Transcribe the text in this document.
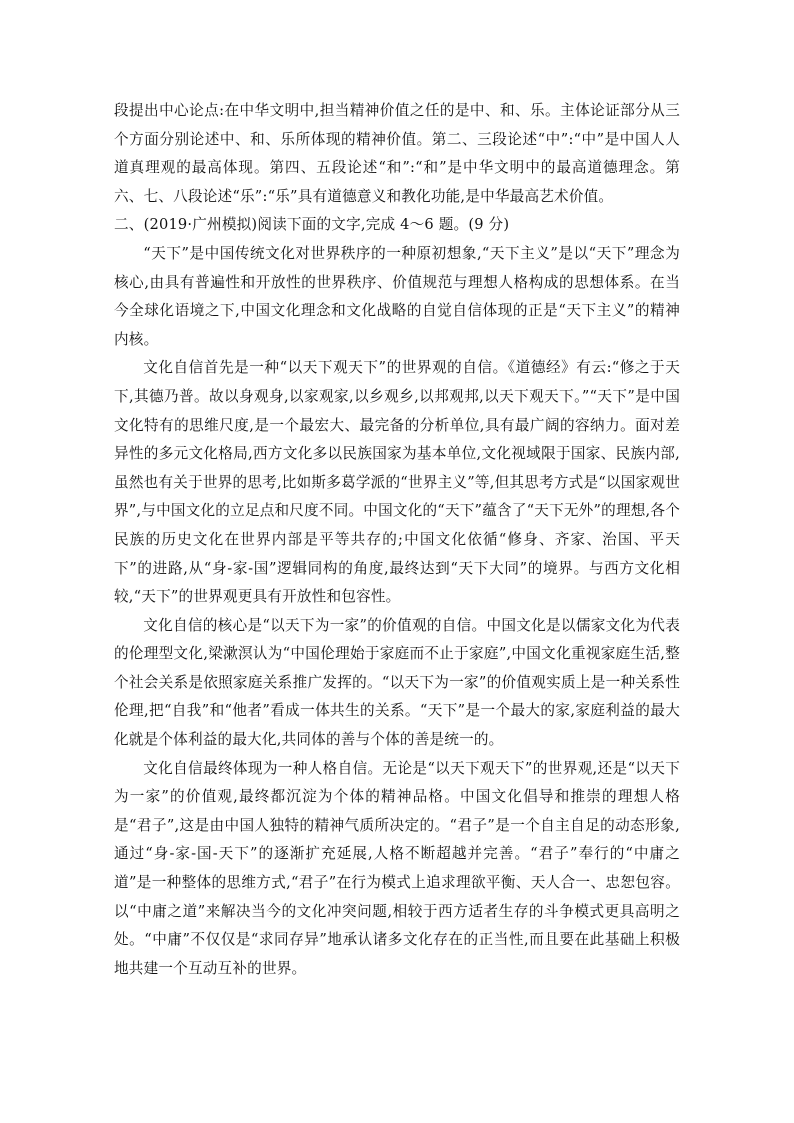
段提出中心论点:在中华文明中,担当精神价值之任的是中、和、乐。主体论证部分从三个方面分别论述中、和、乐所体现的精神价值。第二、三段论述“中”:“中”是中国人人道真理观的最高体现。第四、五段论述“和”:“和”是中华文明中的最高道德理念。第六、七、八段论述“乐”:“乐”具有道德意义和教化功能,是中华最高艺术价值。

二、(2019·广州模拟)阅读下面的文字,完成 4～6 题。(9 分)

“天下”是中国传统文化对世界秩序的一种原初想象,“天下主义”是以“天下”理念为核心,由具有普遍性和开放性的世界秩序、价值规范与理想人格构成的思想体系。在当今全球化语境之下,中国文化理念和文化战略的自觉自信体现的正是“天下主义”的精神内核。

文化自信首先是一种“以天下观天下”的世界观的自信。《道德经》有云:“修之于天下,其德乃普。故以身观身,以家观家,以乡观乡,以邦观邦,以天下观天下。”“天下”是中国文化特有的思维尺度,是一个最宏大、最完备的分析单位,具有最广阔的容纳力。面对差异性的多元文化格局,西方文化多以民族国家为基本单位,文化视域限于国家、民族内部,虽然也有关于世界的思考,比如斯多葛学派的“世界主义”等,但其思考方式是“以国家观世界”,与中国文化的立足点和尺度不同。中国文化的“天下”蕴含了“天下无外”的理想,各个民族的历史文化在世界内部是平等共存的;中国文化依循“修身、齐家、治国、平天下”的进路,从“身-家-国”逻辑同构的角度,最终达到“天下大同”的境界。与西方文化相较,“天下”的世界观更具有开放性和包容性。

文化自信的核心是“以天下为一家”的价值观的自信。中国文化是以儒家文化为代表的伦理型文化,梁漱溟认为“中国伦理始于家庭而不止于家庭”,中国文化重视家庭生活,整个社会关系是依照家庭关系推广发挥的。“以天下为一家”的价值观实质上是一种关系性伦理,把“自我”和“他者”看成一体共生的关系。“天下”是一个最大的家,家庭利益的最大化就是个体利益的最大化,共同体的善与个体的善是统一的。

文化自信最终体现为一种人格自信。无论是“以天下观天下”的世界观,还是“以天下为一家”的价值观,最终都沉淀为个体的精神品格。中国文化倡导和推崇的理想人格是“君子”,这是由中国人独特的精神气质所决定的。“君子”是一个自主自足的动态形象,通过“身-家-国-天下”的逐渐扩充延展,人格不断超越并完善。“君子”奉行的“中庸之道”是一种整体的思维方式,“君子”在行为模式上追求理欲平衡、天人合一、忠恕包容。以“中庸之道”来解决当今的文化冲突问题,相较于西方适者生存的斗争模式更具高明之处。“中庸”不仅仅是“求同存异”地承认诸多文化存在的正当性,而且要在此基础上积极地共建一个互动互补的世界。
